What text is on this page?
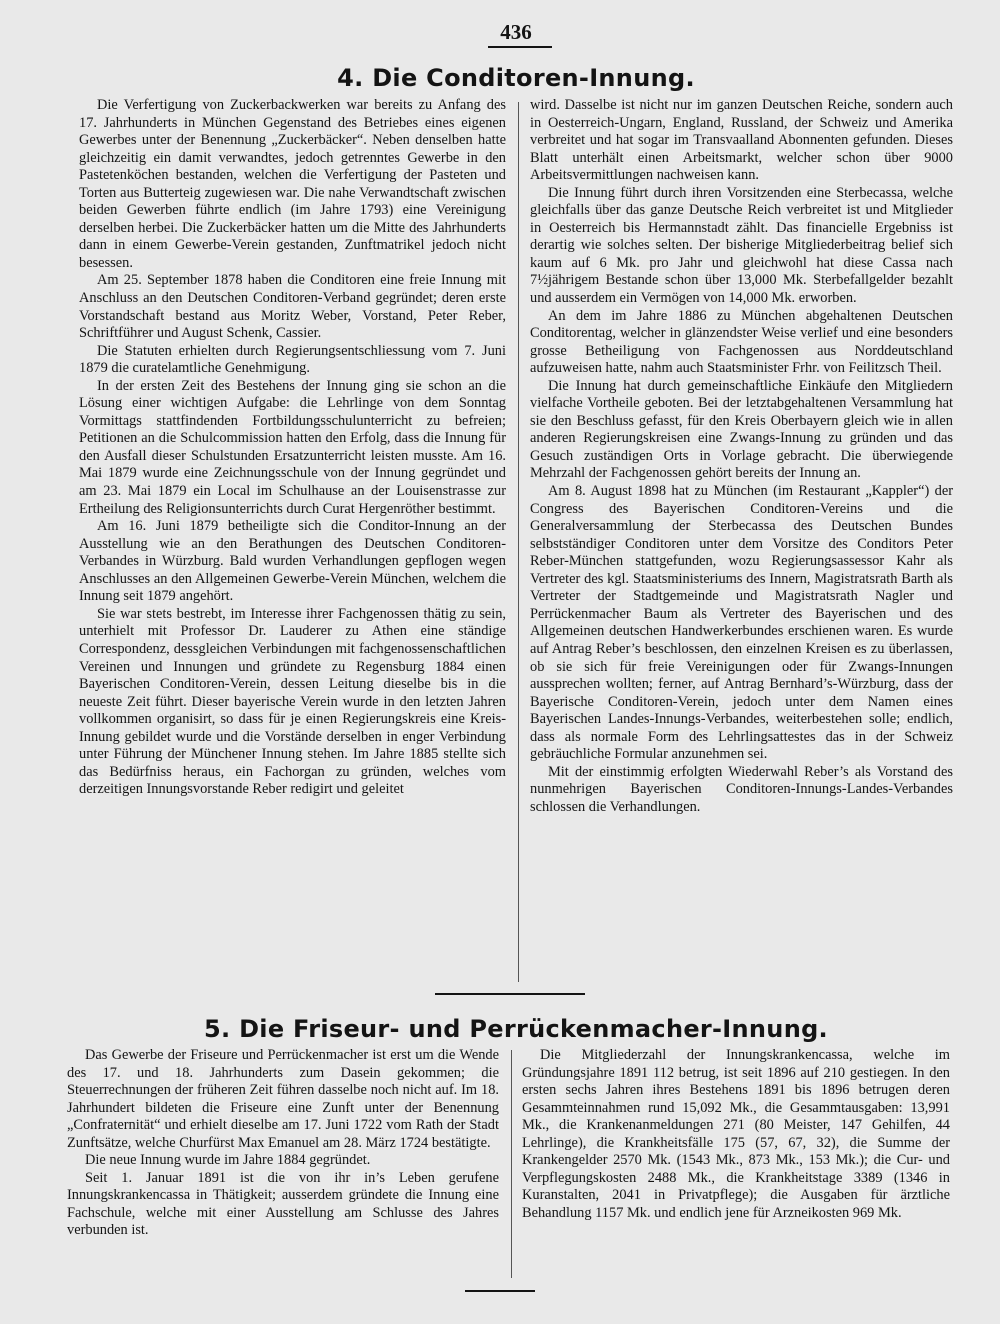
436
4. Die Conditoren-Innung.

Die Verfertigung von Zuckerbackwerken war bereits zu Anfang des 17. Jahrhunderts in München Gegenstand des Betriebes eines eigenen Gewerbes unter der Benennung „Zuckerbäcker“. Neben denselben hatte gleichzeitig ein damit verwandtes, jedoch getrenntes Gewerbe in den Pastetenköchen bestanden, welchen die Verfertigung der Pasteten und Torten aus Butterteig zugewiesen war. Die nahe Verwandtschaft zwischen beiden Gewerben führte endlich (im Jahre 1793) eine Vereinigung derselben herbei. Die Zuckerbäcker hatten um die Mitte des Jahrhunderts dann in einem Gewerbe-Verein gestanden, Zunftmatrikel jedoch nicht besessen.

Am 25. September 1878 haben die Conditoren eine freie Innung mit Anschluss an den Deutschen Conditoren-Verband gegründet; deren erste Vorstandschaft bestand aus Moritz Weber, Vorstand, Peter Reber, Schriftführer und August Schenk, Cassier.

Die Statuten erhielten durch Regierungsentschliessung vom 7. Juni 1879 die curatelamtliche Genehmigung.

In der ersten Zeit des Bestehens der Innung ging sie schon an die Lösung einer wichtigen Aufgabe: die Lehrlinge von dem Sonntag Vormittags stattfindenden Fortbildungsschulunterricht zu befreien; Petitionen an die Schulcommission hatten den Erfolg, dass die Innung für den Ausfall dieser Schulstunden Ersatzunterricht leisten musste. Am 16. Mai 1879 wurde eine Zeichnungsschule von der Innung gegründet und am 23. Mai 1879 ein Local im Schulhause an der Louisenstrasse zur Ertheilung des Religionsunterrichts durch Curat Hergenröther bestimmt.

Am 16. Juni 1879 betheiligte sich die Conditor-Innung an der Ausstellung wie an den Berathungen des Deutschen Conditoren-Verbandes in Würzburg. Bald wurden Verhandlungen gepflogen wegen Anschlusses an den Allgemeinen Gewerbe-Verein München, welchem die Innung seit 1879 angehört.

Sie war stets bestrebt, im Interesse ihrer Fachgenossen thätig zu sein, unterhielt mit Professor Dr. Lauderer zu Athen eine ständige Correspondenz, dessgleichen Verbindungen mit fachgenossenschaftlichen Vereinen und Innungen und gründete zu Regensburg 1884 einen Bayerischen Conditoren-Verein, dessen Leitung dieselbe bis in die neueste Zeit führt. Dieser bayerische Verein wurde in den letzten Jahren vollkommen organisirt, so dass für je einen Regierungskreis eine Kreis-Innung gebildet wurde und die Vorstände derselben in enger Verbindung unter Führung der Münchener Innung stehen. Im Jahre 1885 stellte sich das Bedürfniss heraus, ein Fachorgan zu gründen, welches vom derzeitigen Innungsvorstande Reber redigirt und geleitet

wird. Dasselbe ist nicht nur im ganzen Deutschen Reiche, sondern auch in Oesterreich-Ungarn, England, Russland, der Schweiz und Amerika verbreitet und hat sogar im Transvaalland Abonnenten gefunden. Dieses Blatt unterhält einen Arbeitsmarkt, welcher schon über 9000 Arbeitsvermittlungen nachweisen kann.

Die Innung führt durch ihren Vorsitzenden eine Sterbecassa, welche gleichfalls über das ganze Deutsche Reich verbreitet ist und Mitglieder in Oesterreich bis Hermannstadt zählt. Das financielle Ergebniss ist derartig wie solches selten. Der bisherige Mitgliederbeitrag belief sich kaum auf 6 Mk. pro Jahr und gleichwohl hat diese Cassa nach 7½jährigem Bestande schon über 13,000 Mk. Sterbefallgelder bezahlt und ausserdem ein Vermögen von 14,000 Mk. erworben.

An dem im Jahre 1886 zu München abgehaltenen Deutschen Conditorentag, welcher in glänzendster Weise verlief und eine besonders grosse Betheiligung von Fachgenossen aus Norddeutschland aufzuweisen hatte, nahm auch Staatsminister Frhr. von Feilitzsch Theil.

Die Innung hat durch gemeinschaftliche Einkäufe den Mitgliedern vielfache Vortheile geboten. Bei der letztabgehaltenen Versammlung hat sie den Beschluss gefasst, für den Kreis Oberbayern gleich wie in allen anderen Regierungskreisen eine Zwangs-Innung zu gründen und das Gesuch zuständigen Orts in Vorlage gebracht. Die überwiegende Mehrzahl der Fachgenossen gehört bereits der Innung an.

Am 8. August 1898 hat zu München (im Restaurant „Kappler“) der Congress des Bayerischen Conditoren-Vereins und die Generalversammlung der Sterbecassa des Deutschen Bundes selbstständiger Conditoren unter dem Vorsitze des Conditors Peter Reber-München stattgefunden, wozu Regierungsassessor Kahr als Vertreter des kgl. Staatsministeriums des Innern, Magistratsrath Barth als Vertreter der Stadtgemeinde und Magistratsrath Nagler und Perrückenmacher Baum als Vertreter des Bayerischen und des Allgemeinen deutschen Handwerkerbundes erschienen waren. Es wurde auf Antrag Reber’s beschlossen, den einzelnen Kreisen es zu überlassen, ob sie sich für freie Vereinigungen oder für Zwangs-Innungen aussprechen wollten; ferner, auf Antrag Bernhard’s-Würzburg, dass der Bayerische Conditoren-Verein, jedoch unter dem Namen eines Bayerischen Landes-Innungs-Verbandes, weiterbestehen solle; endlich, dass als normale Form des Lehrlingsattestes das in der Schweiz gebräuchliche Formular anzunehmen sei.

Mit der einstimmig erfolgten Wiederwahl Reber’s als Vorstand des nunmehrigen Bayerischen Conditoren-Innungs-Landes-Verbandes schlossen die Verhandlungen.

5. Die Friseur- und Perrückenmacher-Innung.

Das Gewerbe der Friseure und Perrückenmacher ist erst um die Wende des 17. und 18. Jahrhunderts zum Dasein gekommen; die Steuerrechnungen der früheren Zeit führen dasselbe noch nicht auf. Im 18. Jahrhundert bildeten die Friseure eine Zunft unter der Benennung „Confraternität“ und erhielt dieselbe am 17. Juni 1722 vom Rath der Stadt Zunftsätze, welche Churfürst Max Emanuel am 28. März 1724 bestätigte.

Die neue Innung wurde im Jahre 1884 gegründet.

Seit 1. Januar 1891 ist die von ihr in’s Leben gerufene Innungskrankencassa in Thätigkeit; ausserdem gründete die Innung eine Fachschule, welche mit einer Ausstellung am Schlusse des Jahres verbunden ist.

Die Mitgliederzahl der Innungskrankencassa, welche im Gründungsjahre 1891 112 betrug, ist seit 1896 auf 210 gestiegen. In den ersten sechs Jahren ihres Bestehens 1891 bis 1896 betrugen deren Gesammteinnahmen rund 15,092 Mk., die Gesammtausgaben: 13,991 Mk., die Krankenanmeldungen 271 (80 Meister, 147 Gehilfen, 44 Lehrlinge), die Krankheitsfälle 175 (57, 67, 32), die Summe der Krankengelder 2570 Mk. (1543 Mk., 873 Mk., 153 Mk.); die Cur- und Verpflegungskosten 2488 Mk., die Krankheitstage 3389 (1346 in Kuranstalten, 2041 in Privatpflege); die Ausgaben für ärztliche Behandlung 1157 Mk. und endlich jene für Arzneikosten 969 Mk.
